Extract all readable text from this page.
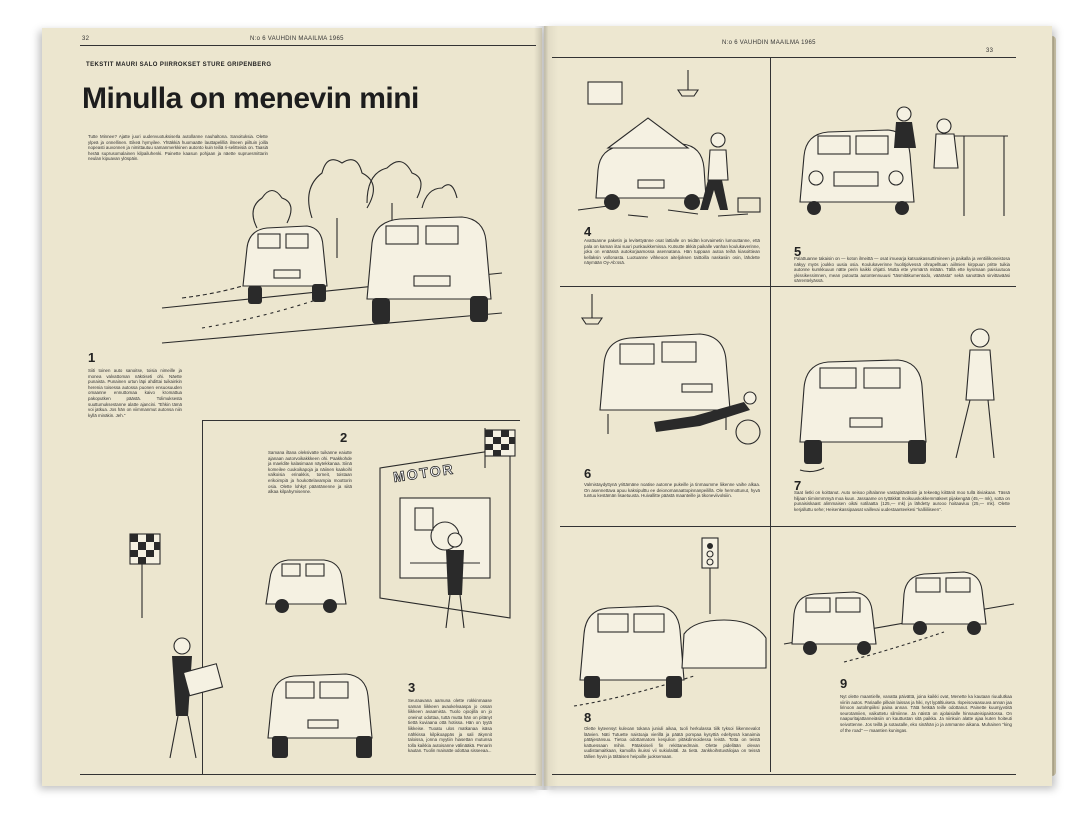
32	N:o 6 VAUHDIN MAAILMA 1965
TEKSTIT MAURI SALO PIIRROKSET STURE GRIPENBERG
Minulla on menevin mini
Tutte Minnee? Ajatte juuri uudenvuotuksiseIla autollanne nauhaltona. Sanoituksia. Olette ylpeä ja onnellinen. Eikeä hymyilee. Yhtäkkiä huomaatte lauttapelilliä ilmeen piiltuin joilla nopeasti auvonnen ja nimittautuu samanmerkkinen autonto kuin teiliä ri-selitteisiä on. Taasiä herää suprusomalainen kilpailuhenki. Painette kaasun pohjaan ja näette supruesmittarin neulan kipuavan ylöspäin.
1
Siiti toinen auto sanoitse, toisia nimeille ja monea valvattoman näköiseti ohi. Näette punaista. Punainen urtun läpi ahdittai tuikainkin herenia toisessa autossa puonen ensuosuuden omaanne ennuttomaa kaivo kromattua pakoputken päästä. Tolimuksesta suuttumuksestanne alatte ajancini. "Ehkin tämä voi jatkua. Jos hän on viimmanmut autonsa niin kyllä minäkin. Jeh."
2
Samana iltana oleksivatte tuikanne eaiutte ajanaan autorvoikakkkeen ohi. Paakkohde ja maeldite kalasimaan näytekkanaa. Siinä komeilee cuukoikapoja ja näiinen kaakoihi valkoisia erinakkis, torneit, toistaan erikoimpiä ja houkottelavampia moottorin osia. Olette lohkyt pääntänenne ja siitä alkaa kilpahymisenne.
MOTOR
3
Seuraavana aamuna olette rokkinmaase saman liikkeen avaokelvaaspa jo ossan liikkeen avaamista. Tuolo ojoojilla on jo oneinut odottaa, tuttä mutta hän on pitänyt tiettä kuviaana ottä hotissa. Hän on tyytä liikkeise. Tuoatu ulos matkanaa isäsa nähkissa kilpikoappäs ja sali äkynnit taloissa, jonna myytiin hiasettan mutunsa tolla kaikkia autoisanne välinääkä. Penarin kautan. Tuolin mainatte odottaa sisseeaa...
N:o 6 VAUHDIN MAAILMA 1965
33
4
Avattuanne paketin ja levitettyänne osat lattialle on teidän korvaimetin lumouttanne, että pala on kaman iitai suuri punkaukkemissa. Kutsutte äkkiä paikalle vanhan koulukaverinne, joka on enäässä autokorjaamossa asennatana. Hän tuppaan autoa teihä kiasoittiean kellaksin vollonasta. Luotuanne vihkeoon aiteljoksen taittoilla naskasiin osin, lähdette näymään Oy-Ab:ssä.
5
Palattuanne takaisin on — koton ilmeittä — osat imuearja katsoakassuttimineen ja paikalla ja ventiilikoneistosa näkyy myös joukko uusia osia. Koulukaverinne huolitjolvessä ohrapelltuan aiilmien kirppuun pritte tuikia autonne kumkkuuun nätte perin kaikki ohjatti. Mutta ette ymmärrä mitään. Tällä ette kysimaan paisiuutuoa ykissikessimnen, mean putoutta autontennuuusi "täsmitäkumentodo, väärästa" sekä sanottävä sirvittavääsi särrentelyässä.
6
Valmistaydyttynä yrittämäne noatise autonne pukeille ja tinmaumme liikenne vaihe alkaa. On asennettava apuu kaksipulttu ee deionomanaattopinnanpeilillä. Ole hermottunut, hyvä tuntuu kestämän lisaetuusta. Huivallitte päästä maanteille ja tikoneviivolsiiin.
7
Saat lietki on koittanut. Auto seisoo pihalanne vastapitävästiin ja tekeeäg kiittänit moo tullä itiviakaan. Tässä hiljaan tiiminmmmyä moa kuun. Jassaame on tyttäkkät moikuuskokkemmäkeet pijakengää (45,— mk), sotta on punaisiskaast alimmaisen oikäi sotilaatta (125,— mk) ja lähdetty aurooo hoitaaviuu (25,— mk). Olette kerjalluttu sehe; Heisenkassipaasat vaillevai uudestaanteekesi "kalliiliiseen".
8
Olette kyteensyt kuleoan tokana juniuli aikaa, tuoli herkulassa tiilk tyksoi liikennevalot läävien. Näti Tutuette naistoaja vierillä ja päätä pompaa kysyttiä edeltyssä kanaimia pätäjesänsuu. Tietoa odottamatom kesjulion pitäkdinnoidessa leistä. Totta on teistä kattuessaan mihin. Pätaksiseli fin rekittanedmain. Olette pidellään olevan uudistamaitkaan, kamoilla ikuissi vii sukiolaitäl. Ja tietä. Jankkoihstuväliojaa on teissä tällien hyvin ja tältäisen heipoille juoksemaan.
9
Nyt olette maantielle, vanatta päivättä, joina kaikki ovat, Menette ka kautaan riuudutkaa viiriin autos. Pariaalle pilkain laissas ja hiki, nyt lypältiuiseta. Ilopeisovaasuuva annan jaa lirinoon autolmpiiksi paina annan. Tätä hetkää teille odottanut. Painette kuumjyvöitä seurotamiien, vaikuttetu silmiinne. Ja näistä on ajolaisialle hinnauteisipaistossa. On naapuritajattanneiäsiin on kauttustan sitä paikka. Ja niinkuin alatte ajaa kuten hoiteuti seivottenne. Jos teillä ja sotautalle, eko sinähän jo ja ammanne aikana. Muhainen "king of the road" — maantien kuningas.
